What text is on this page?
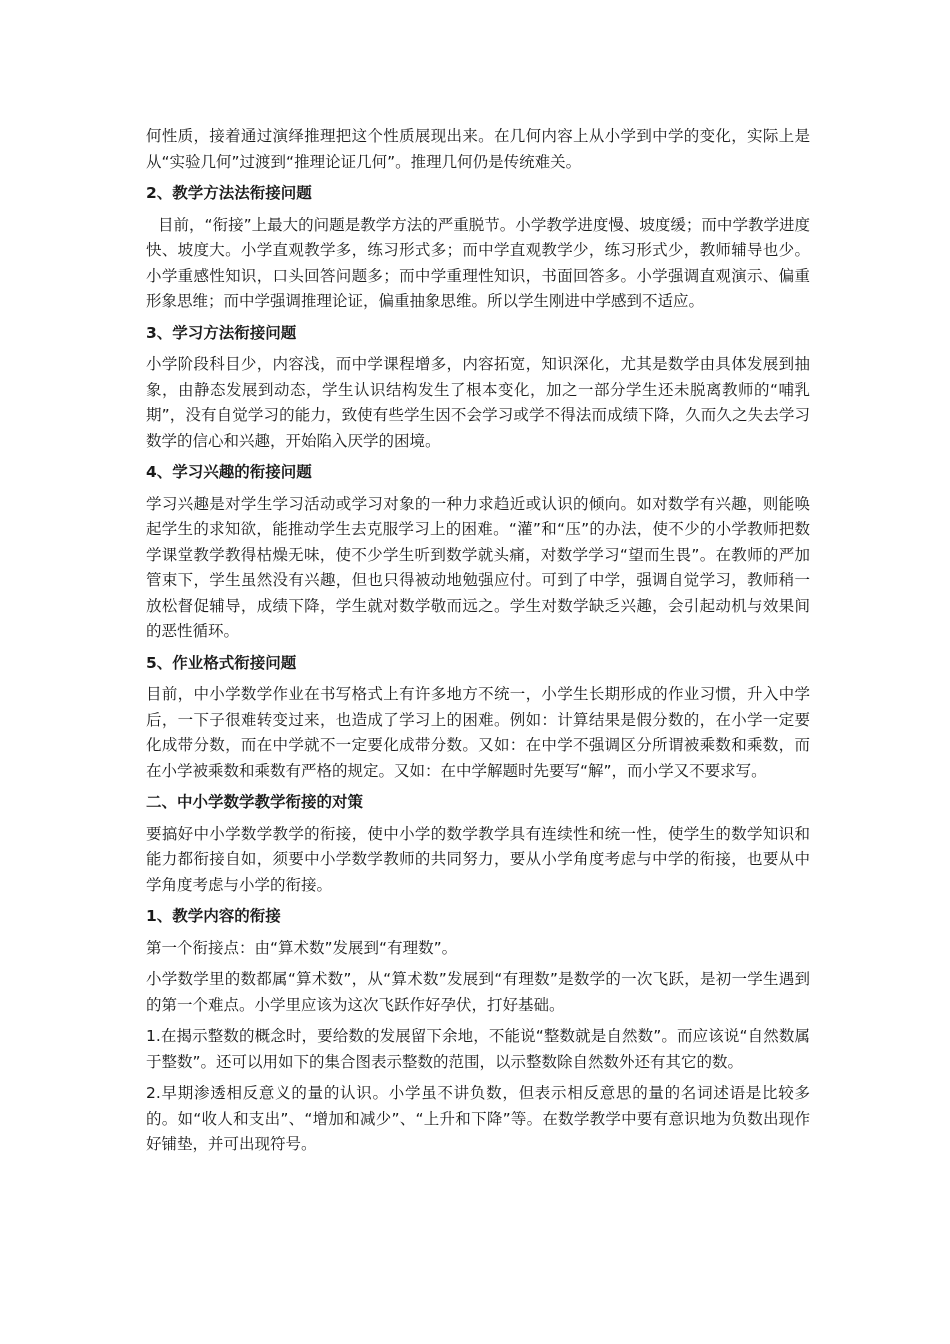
何性质，接着通过演绎推理把这个性质展现出来。在几何内容上从小学到中学的变化，实际上是从“实验几何”过渡到“推理论证几何”。推理几何仍是传统难关。

2、教学方法法衔接问题

目前，“衔接”上最大的问题是教学方法的严重脱节。小学教学进度慢、坡度缓；而中学教学进度快、坡度大。小学直观教学多，练习形式多；而中学直观教学少，练习形式少，教师辅导也少。小学重感性知识，口头回答问题多；而中学重理性知识，书面回答多。小学强调直观演示、偏重形象思维；而中学强调推理论证，偏重抽象思维。所以学生刚进中学感到不适应。

3、学习方法衔接问题

小学阶段科目少，内容浅，而中学课程增多，内容拓宽，知识深化，尤其是数学由具体发展到抽象，由静态发展到动态，学生认识结构发生了根本变化，加之一部分学生还未脱离教师的“哺乳期”，没有自觉学习的能力，致使有些学生因不会学习或学不得法而成绩下降，久而久之失去学习数学的信心和兴趣，开始陷入厌学的困境。

4、学习兴趣的衔接问题

学习兴趣是对学生学习活动或学习对象的一种力求趋近或认识的倾向。如对数学有兴趣，则能唤起学生的求知欲，能推动学生去克服学习上的困难。“灌”和“压”的办法，使不少的小学教师把数学课堂教学教得枯燥无味，使不少学生听到数学就头痛，对数学学习“望而生畏”。在教师的严加管束下，学生虽然没有兴趣，但也只得被动地勉强应付。可到了中学，强调自觉学习，教师稍一放松督促辅导，成绩下降，学生就对数学敬而远之。学生对数学缺乏兴趣，会引起动机与效果间的恶性循环。

5、作业格式衔接问题

目前，中小学数学作业在书写格式上有许多地方不统一，小学生长期形成的作业习惯，升入中学后，一下子很难转变过来，也造成了学习上的困难。例如：计算结果是假分数的，在小学一定要化成带分数，而在中学就不一定要化成带分数。又如：在中学不强调区分所谓被乘数和乘数，而在小学被乘数和乘数有严格的规定。又如：在中学解题时先要写“解”，而小学又不要求写。

二、中小学数学教学衔接的对策

要搞好中小学数学教学的衔接，使中小学的数学教学具有连续性和统一性，使学生的数学知识和能力都衔接自如，须要中小学数学教师的共同努力，要从小学角度考虑与中学的衔接，也要从中学角度考虑与小学的衔接。

1、教学内容的衔接

第一个衔接点：由“算术数”发展到“有理数”。

小学数学里的数都属“算术数”，从“算术数”发展到“有理数”是数学的一次飞跃，是初一学生遇到的第一个难点。小学里应该为这次飞跃作好孕伏，打好基础。

1.在揭示整数的概念时，要给数的发展留下余地，不能说“整数就是自然数”。而应该说“自然数属于整数”。还可以用如下的集合图表示整数的范围，以示整数除自然数外还有其它的数。

2.早期渗透相反意义的量的认识。小学虽不讲负数，但表示相反意思的量的名词述语是比较多的。如“收人和支出”、“增加和减少”、“上升和下降”等。在数学教学中要有意识地为负数出现作好铺垫，并可出现符号。
